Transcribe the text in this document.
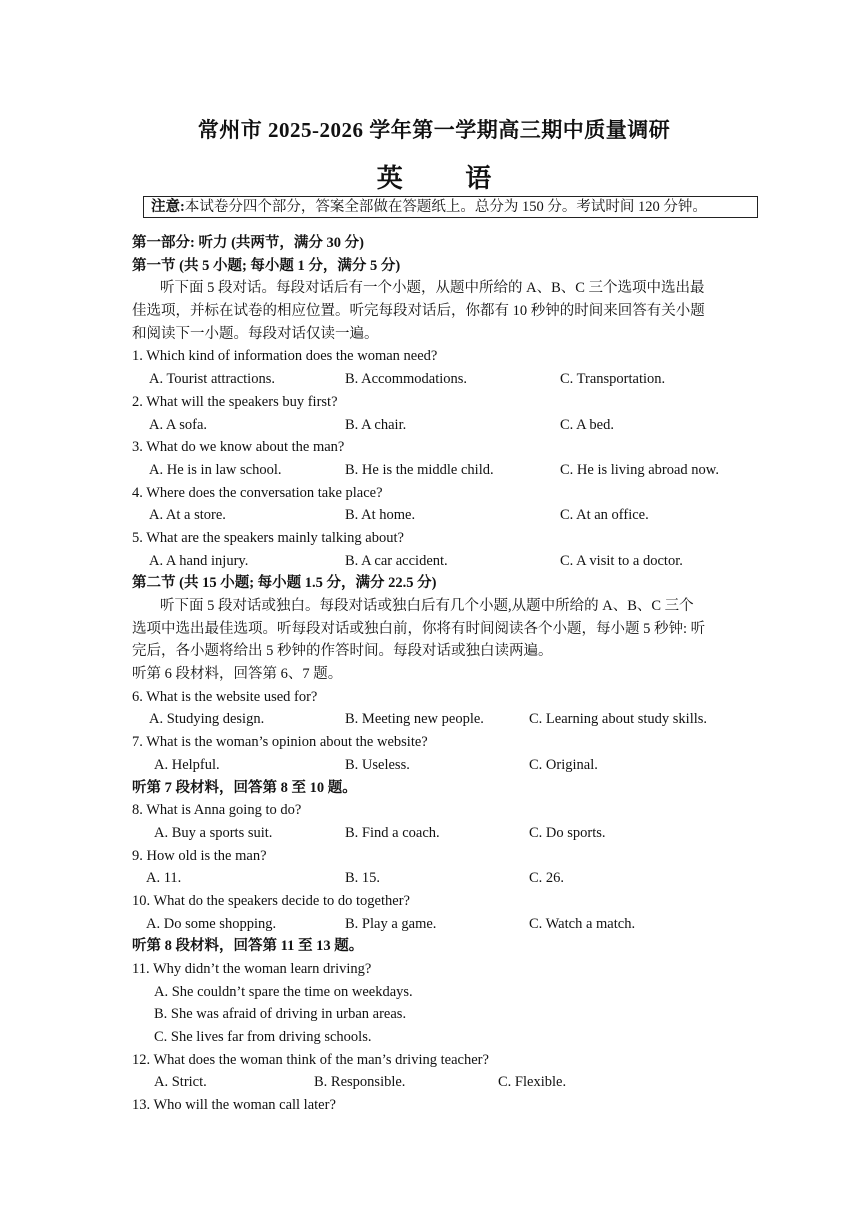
常州市 2025-2026 学年第一学期高三期中质量调研
英 语
注意:本试卷分四个部分，答案全部做在答题纸上。总分为 150 分。考试时间 120 分钟。
第一部分: 听力 (共两节，满分 30 分)
第一节 (共 5 小题; 每小题 1 分，满分 5 分)
听下面 5 段对话。每段对话后有一个小题，从题中所给的 A、B、C 三个选项中选出最
佳选项，并标在试卷的相应位置。听完每段对话后，你都有 10 秒钟的时间来回答有关小题
和阅读下一小题。每段对话仅读一遍。
1. Which kind of information does the woman need?
A. Tourist attractions.	B. Accommodations.	C. Transportation.
2. What will the speakers buy first?
A. A sofa.	B. A chair.	C. A bed.
3. What do we know about the man?
A. He is in law school.	B. He is the middle child.	C. He is living abroad now.
4. Where does the conversation take place?
A. At a store.	B. At home.	C. At an office.
5. What are the speakers mainly talking about?
A. A hand injury.	B. A car accident.	C. A visit to a doctor.
第二节 (共 15 小题; 每小题 1.5 分，满分 22.5 分)
听下面 5 段对话或独白。每段对话或独白后有几个小题,从题中所给的 A、B、C 三个
选项中选出最佳选项。听每段对话或独白前，你将有时间阅读各个小题，每小题 5 秒钟: 听
完后，各小题将给出 5 秒钟的作答时间。每段对话或独白读两遍。
听第 6 段材料，回答第 6、7 题。
6. What is the website used for?
A. Studying design.	B. Meeting new people.	C. Learning about study skills.
7. What is the woman’s opinion about the website?
A. Helpful.	B. Useless.	C. Original.
听第 7 段材料，回答第 8 至 10 题。
8. What is Anna going to do?
A. Buy a sports suit.	B. Find a coach.	C. Do sports.
9. How old is the man?
A. 11.	B. 15.	C. 26.
10. What do the speakers decide to do together?
A. Do some shopping.	B. Play a game.	C. Watch a match.
听第 8 段材料，回答第 11 至 13 题。
11. Why didn’t the woman learn driving?
A. She couldn’t spare the time on weekdays.
B. She was afraid of driving in urban areas.
C. She lives far from driving schools.
12. What does the woman think of the man’s driving teacher?
A. Strict.	B. Responsible.	C. Flexible.
13. Who will the woman call later?
